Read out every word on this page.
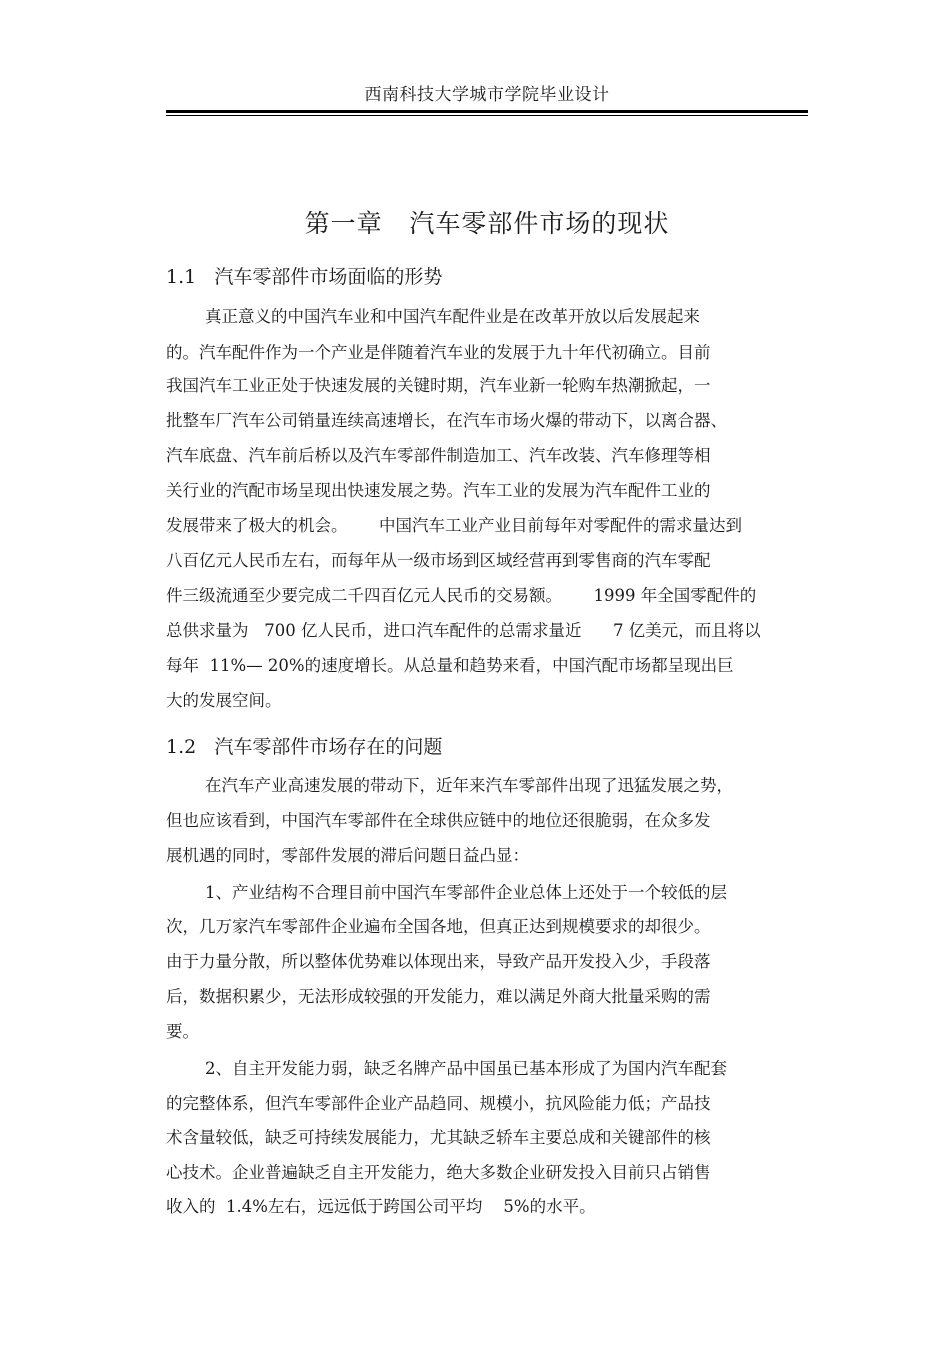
西南科技大学城市学院毕业设计
第一章   汽车零部件市场的现状
1.1   汽车零部件市场面临的形势
真正意义的中国汽车业和中国汽车配件业是在改革开放以后发展起来
的。汽车配件作为一个产业是伴随着汽车业的发展于九十年代初确立。目前
我国汽车工业正处于快速发展的关键时期，汽车业新一轮购车热潮掀起，一
批整车厂汽车公司销量连续高速增长，在汽车市场火爆的带动下，以离合器、
汽车底盘、汽车前后桥以及汽车零部件制造加工、汽车改装、汽车修理等相
关行业的汽配市场呈现出快速发展之势。汽车工业的发展为汽车配件工业的
发展带来了极大的机会。      中国汽车工业产业目前每年对零配件的需求量达到
八百亿元人民币左右，而每年从一级市场到区域经营再到零售商的汽车零配
件三级流通至少要完成二千四百亿元人民币的交易额。      1999 年全国零配件的
总供求量为   700 亿人民币，进口汽车配件的总需求量近      7 亿美元，而且将以
每年  11%— 20%的速度增长。从总量和趋势来看，中国汽配市场都呈现出巨
大的发展空间。
1.2   汽车零部件市场存在的问题
在汽车产业高速发展的带动下，近年来汽车零部件出现了迅猛发展之势，
但也应该看到，中国汽车零部件在全球供应链中的地位还很脆弱，在众多发
展机遇的同时，零部件发展的滞后问题日益凸显：
1、产业结构不合理目前中国汽车零部件企业总体上还处于一个较低的层
次，几万家汽车零部件企业遍布全国各地，但真正达到规模要求的却很少。
由于力量分散，所以整体优势难以体现出来，导致产品开发投入少，手段落
后，数据积累少，无法形成较强的开发能力，难以满足外商大批量采购的需
要。
2、自主开发能力弱，缺乏名牌产品中国虽已基本形成了为国内汽车配套
的完整体系，但汽车零部件企业产品趋同、规模小，抗风险能力低；产品技
术含量较低，缺乏可持续发展能力，尤其缺乏轿车主要总成和关键部件的核
心技术。企业普遍缺乏自主开发能力，绝大多数企业研发投入目前只占销售
收入的  1.4%左右，远远低于跨国公司平均    5%的水平。
